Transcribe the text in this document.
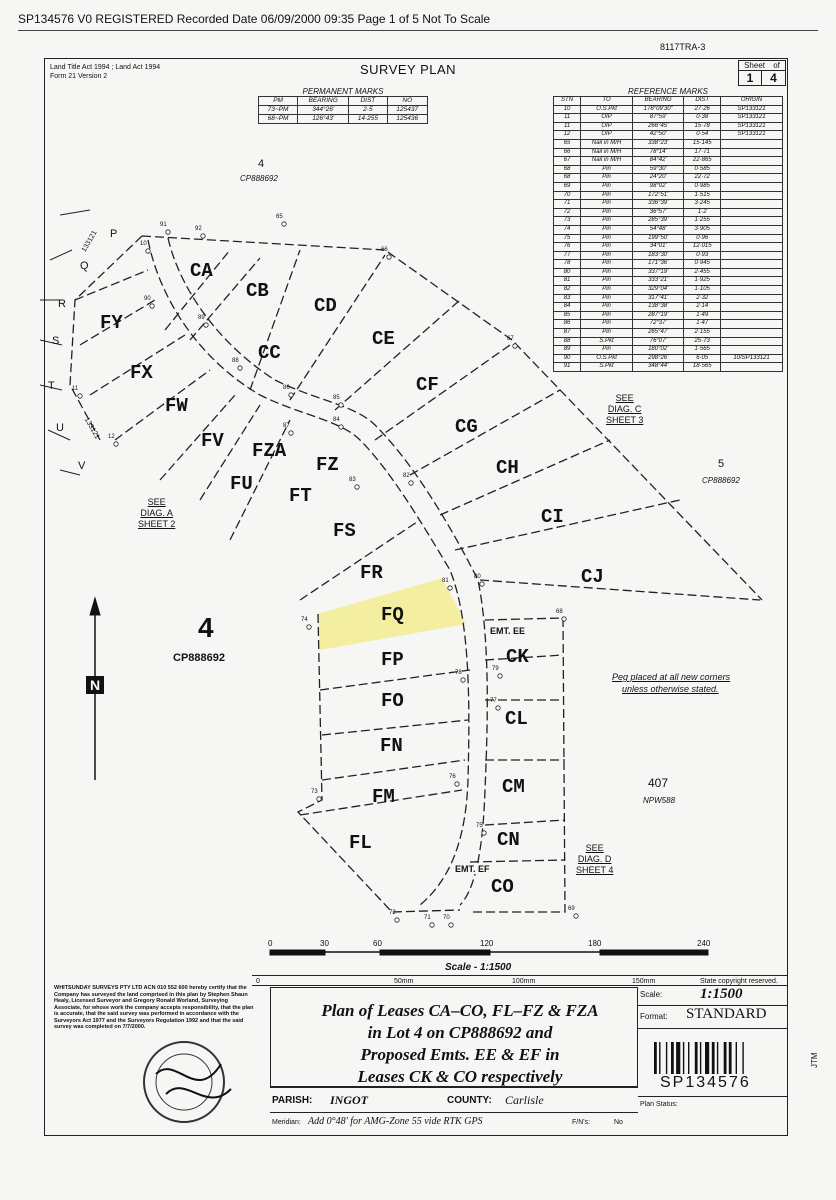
SP134576 V0 REGISTERED Recorded Date 06/09/2000 09:35 Page 1 of 5 Not To Scale
8117TRA-3
Land Title Act 1994 ; Land Act 1994
Form 21 Version 2	SURVEY PLAN	Sheet of
1	4
PERMANENT MARKS
PM	BEARING	DIST	NO
73~PM	344°26'	2·5	125437
68~PM	126°43'	14·255	125436
REFERENCE MARKS
STN	TO	BEARING	DIST	ORIGIN
10	O.S.Pkt	178°09'30"	27·26	SP133121
11	OIP	87°59'	0·38	SP133121
11	OIP	266°45'	15·78	SP133121
12	OIP	42°50'	0·54	SP133121
65	Nail in M/H	338°23'	15·145	
66	Nail in M/H	78°14'	17·71	
67	Nail in M/H	84°42'	22·865	
68	Pin	59°30'	0·585	
68	Pin	24°20'	22·72	
69	Pin	98°02'	0·985	
70	Pin	172°51'	1·515	
71	Pin	336°39'	3·245	
72	Pin	36°57'	1·2	
73	Pin	285°39'	1·255	
74	Pin	54°48'	3·905	
75	Pin	199°50'	0·96	
76	Pin	34°01'	12·015	
77	Pin	183°30'	0·93	
78	Pin	171°36'	0·945	
80	Pin	337°19'	2·455	
81	Pin	333°21'	1·925	
82	Pin	329°04'	1·105	
83	Pin	317°41'	2·32	
84	Pin	138°38'	2·14	
85	Pin	287°19'	1·49	
86	Pin	72°37'	1·47	
87	Pin	265°47'	2·155	
88	S.Pkt	76°07'	25·73	
89	Pin	180°02'	1·565	
90	O.S.Pkt	298°26'	6·05	10/SP133121
91	S.Pkt	348°44'	18·565	
CA
CB
CC
CD
CE
CF
CG
CH
CI
CJ
CK
CL
CM
CN
CO
FL
FM
FN
FO
FP
FQ
FR
FS
FT
FU
FV
FW
FX
FY
FZ
FZA
10
11
12
65
66
67
68
69
70
71
72
73
74
75
76
77
78
79
80
81
82
83
84
85
86
87
88
89
90
91
92
P
Q
R
S
T
U
V
4
CP888692
4
CP888692
5
CP888692
407
NPW588
133121
133121
SEE
DIAG. A
SHEET 2
SEE
DIAG. C
SHEET 3
SEE
DIAG. D
SHEET 4
EMT. EE
EMT. EF
Peg placed at all new corners
unless otherwise stated.
N
0	30	60	120	180	240
Scale - 1:1500
0	50mm	100mm	150mm	State copyright reserved.
Plan of Leases CA–CO, FL–FZ & FZA
in Lot 4 on CP888692 and
Proposed Emts. EE & EF in
Leases CK & CO respectively
Scale:	1:1500
Format: STANDARD
SP134576
Plan Status:
PARISH: INGOT	COUNTY: Carlisle
Meridian: Add 0°48' for AMG-Zone 55 vide RTK GPS	F/N's:	No
WHITSUNDAY SURVEYS PTY LTD ACN 010 552 600 hereby certify that the Company has surveyed the land comprised in this plan by Stephen Shaun Healy, Licensed Surveyor and Gregory Ronald Worland, Surveying Associate, for whose work the company accepts responsibility, that the plan is accurate, that the said survey was performed in accordance with the Surveyors Act 1977 and the Surveyors Regulation 1992 and that the said survey was completed on 7/7/2000.
JTM
